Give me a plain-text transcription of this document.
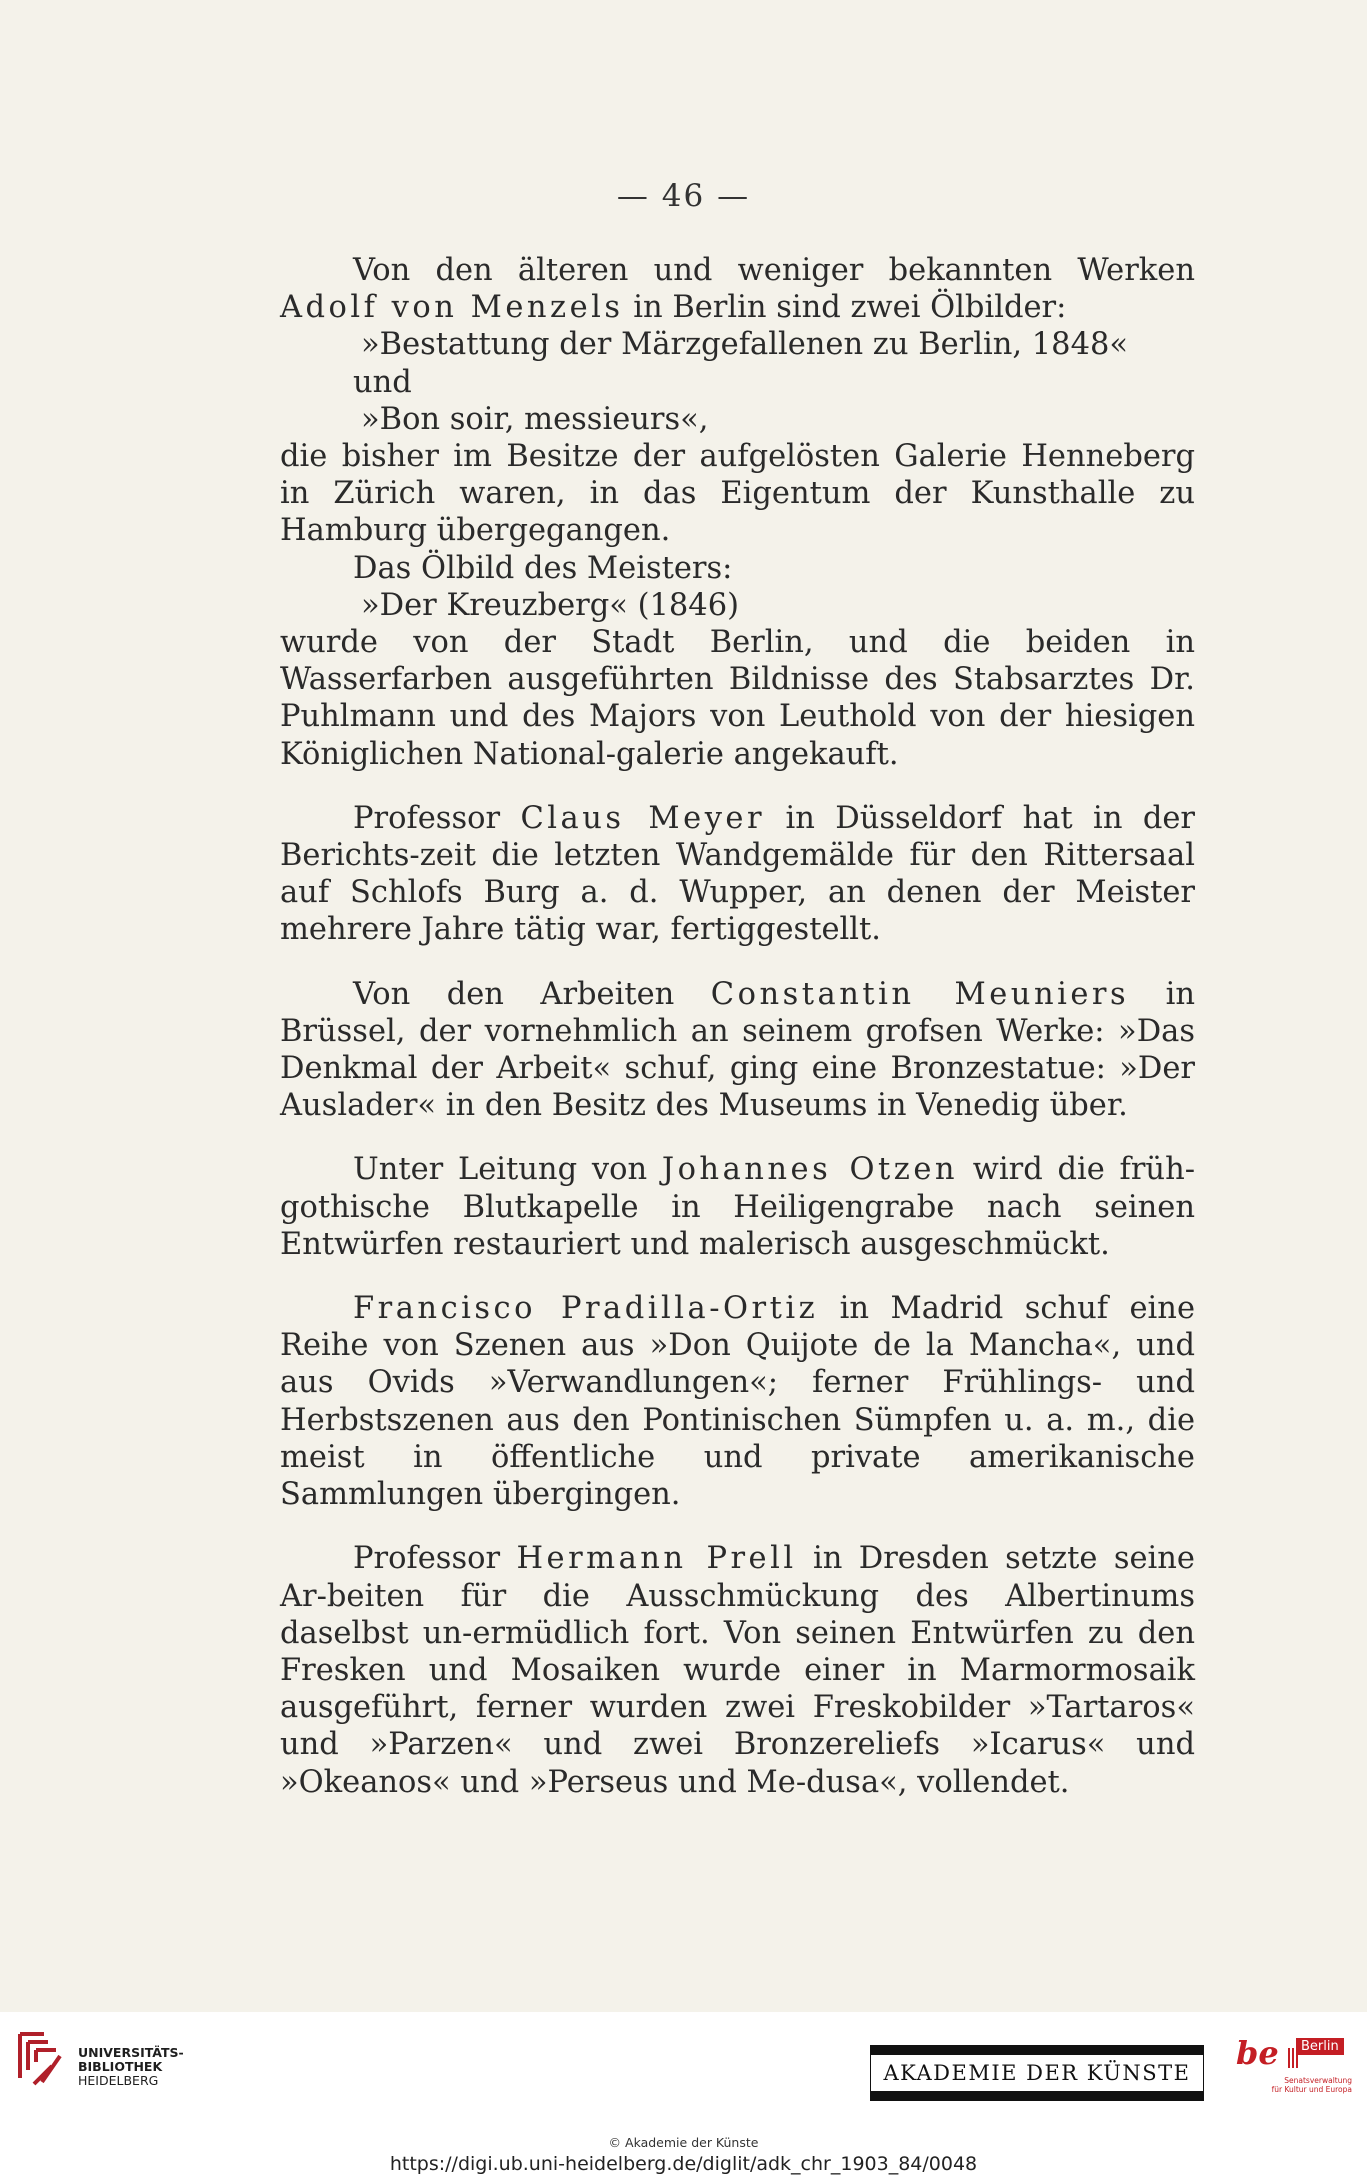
— 46 —

Von den älteren und weniger bekannten Werken Adolf von Menzels in Berlin sind zwei Ölbilder:

»Bestattung der Märzgefallenen zu Berlin, 1848«

und

»Bon soir, messieurs«,

die bisher im Besitze der aufgelösten Galerie Henneberg in Zürich waren, in das Eigentum der Kunsthalle zu Hamburg übergegangen.

Das Ölbild des Meisters:

»Der Kreuzberg« (1846)

wurde von der Stadt Berlin, und die beiden in Wasserfarben ausgeführten Bildnisse des Stabsarztes Dr. Puhlmann und des Majors von Leuthold von der hiesigen Königlichen National-galerie angekauft.

Professor Claus Meyer in Düsseldorf hat in der Berichts-zeit die letzten Wandgemälde für den Rittersaal auf Schlofs Burg a. d. Wupper, an denen der Meister mehrere Jahre tätig war, fertiggestellt.

Von den Arbeiten Constantin Meuniers in Brüssel, der vornehmlich an seinem grofsen Werke: »Das Denkmal der Arbeit« schuf, ging eine Bronzestatue: »Der Auslader« in den Besitz des Museums in Venedig über.

Unter Leitung von Johannes Otzen wird die früh-gothische Blutkapelle in Heiligengrabe nach seinen Entwürfen restauriert und malerisch ausgeschmückt.

Francisco Pradilla-Ortiz in Madrid schuf eine Reihe von Szenen aus »Don Quijote de la Mancha«, und aus Ovids »Verwandlungen«; ferner Frühlings- und Herbstszenen aus den Pontinischen Sümpfen u. a. m., die meist in öffentliche und private amerikanische Sammlungen übergingen.

Professor Hermann Prell in Dresden setzte seine Ar-beiten für die Ausschmückung des Albertinums daselbst un-ermüdlich fort. Von seinen Entwürfen zu den Fresken und Mosaiken wurde einer in Marmormosaik ausgeführt, ferner wurden zwei Freskobilder »Tartaros« und »Parzen« und zwei Bronzereliefs »Icarus« und »Okeanos« und »Perseus und Me-dusa«, vollendet.

UNIVERSITÄTS-
BIBLIOTHEK
HEIDELBERG	AKADEMIE DER KÜNSTE
be	Berlin
Senatsverwaltung
für Kultur und Europa
© Akademie der Künste
https://digi.ub.uni-heidelberg.de/diglit/adk_chr_1903_84/0048
